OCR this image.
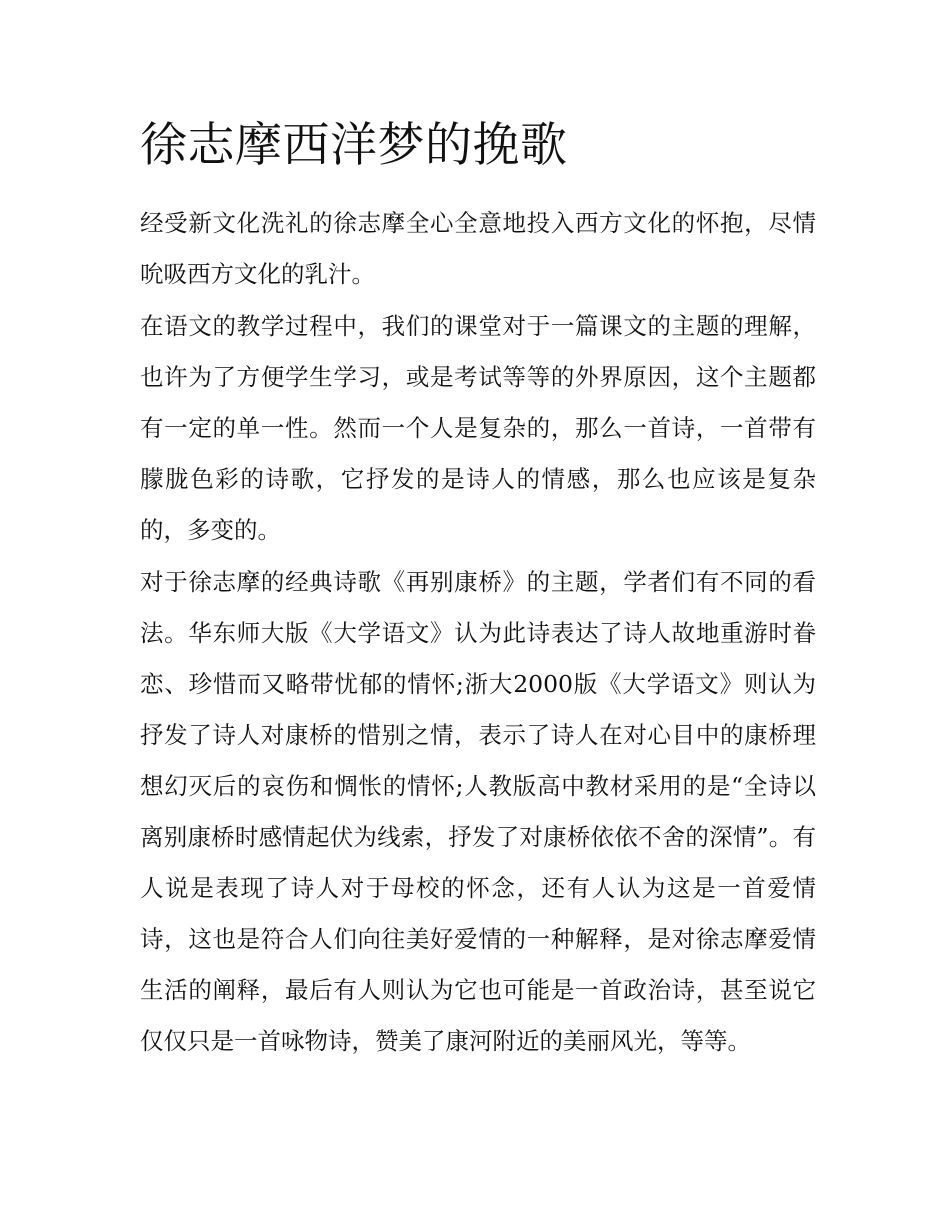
徐志摩西洋梦的挽歌

经受新文化洗礼的徐志摩全心全意地投入西方文化的怀抱，尽情吮吸西方文化的乳汁。

在语文的教学过程中，我们的课堂对于一篇课文的主题的理解，也许为了方便学生学习，或是考试等等的外界原因，这个主题都有一定的单一性。然而一个人是复杂的，那么一首诗，一首带有朦胧色彩的诗歌，它抒发的是诗人的情感，那么也应该是复杂的，多变的。

对于徐志摩的经典诗歌《再别康桥》的主题，学者们有不同的看法。华东师大版《大学语文》认为此诗表达了诗人故地重游时眷恋、珍惜而又略带忧郁的情怀;浙大2000版《大学语文》则认为抒发了诗人对康桥的惜别之情，表示了诗人在对心目中的康桥理想幻灭后的哀伤和惆怅的情怀;人教版高中教材采用的是“全诗以离别康桥时感情起伏为线索，抒发了对康桥依依不舍的深情”。有人说是表现了诗人对于母校的怀念，还有人认为这是一首爱情诗，这也是符合人们向往美好爱情的一种解释，是对徐志摩爱情生活的阐释，最后有人则认为它也可能是一首政治诗，甚至说它仅仅只是一首咏物诗，赞美了康河附近的美丽风光，等等。
